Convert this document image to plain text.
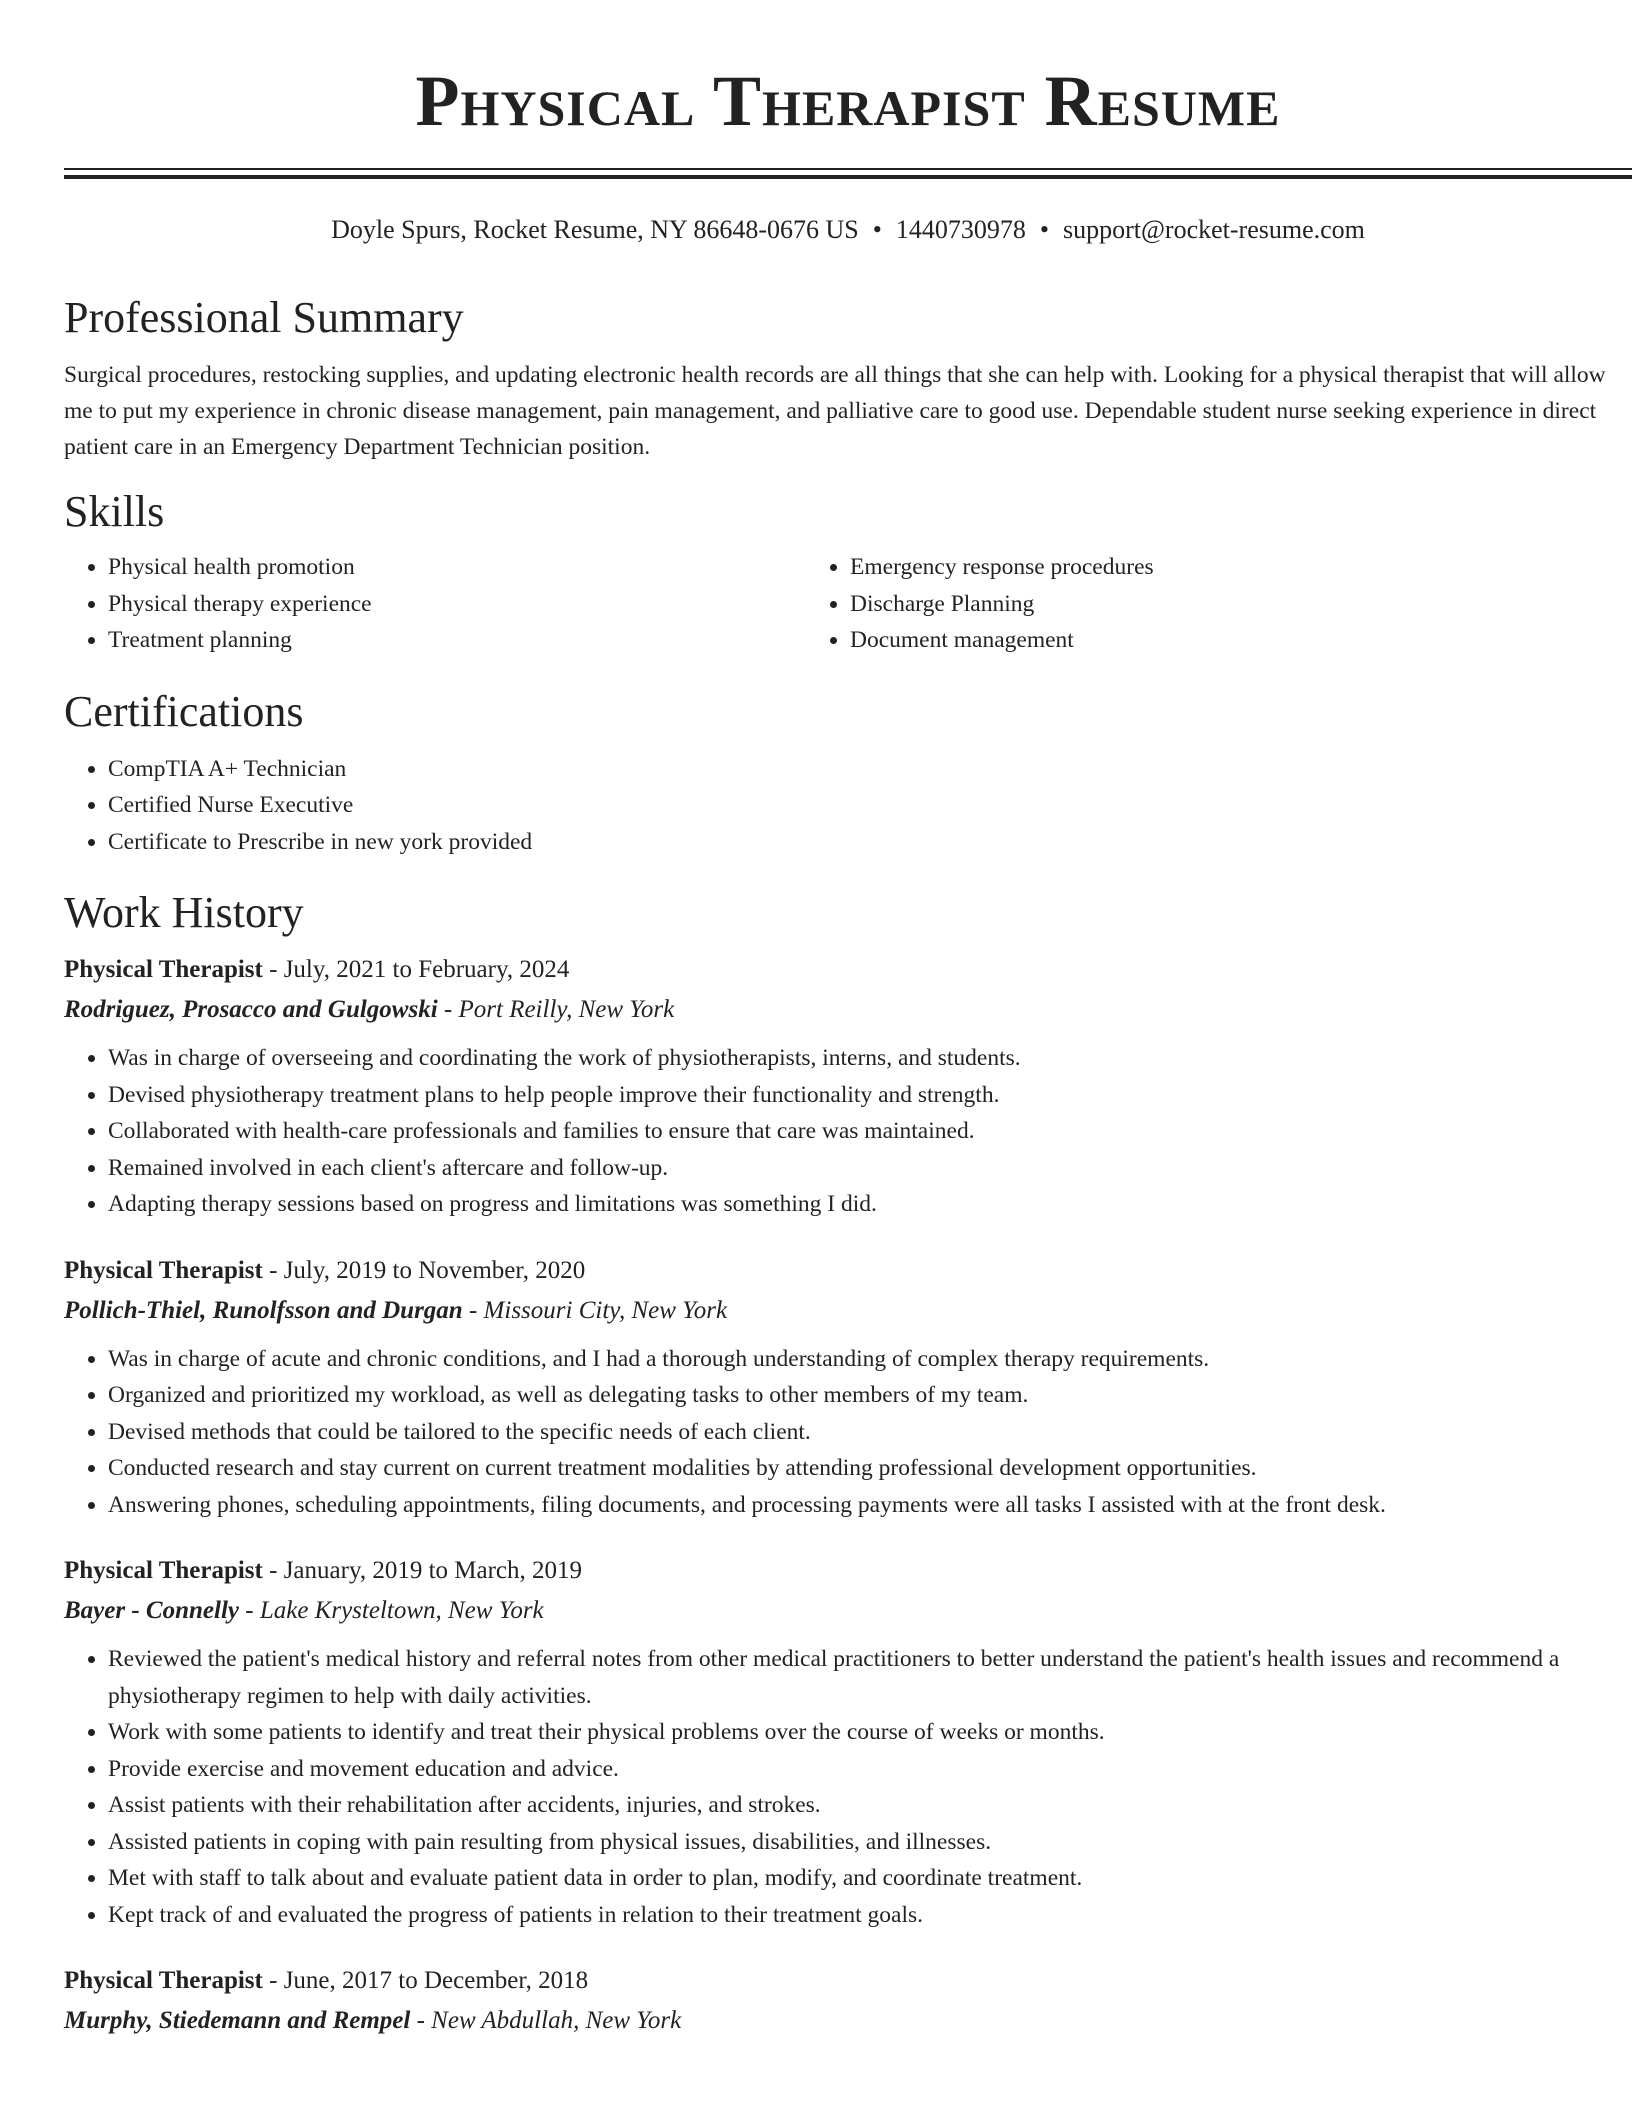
Physical Therapist Resume
Doyle Spurs, Rocket Resume, NY 86648-0676 US • 1440730978 • support@rocket-resume.com
Professional Summary

Surgical procedures, restocking supplies, and updating electronic health records are all things that she can help with. Looking for a physical therapist that will allow me to put my experience in chronic disease management, pain management, and palliative care to good use. Dependable student nurse seeking experience in direct patient care in an Emergency Department Technician position.

Skills
• Physical health promotion
• Physical therapy experience
• Treatment planning
• Emergency response procedures
• Discharge Planning
• Document management
Certifications
• CompTIA A+ Technician
• Certified Nurse Executive
• Certificate to Prescribe in new york provided
Work History
Physical Therapist - July, 2021 to February, 2024
Rodriguez, Prosacco and Gulgowski - Port Reilly, New York
• Was in charge of overseeing and coordinating the work of physiotherapists, interns, and students.
• Devised physiotherapy treatment plans to help people improve their functionality and strength.
• Collaborated with health-care professionals and families to ensure that care was maintained.
• Remained involved in each client's aftercare and follow-up.
• Adapting therapy sessions based on progress and limitations was something I did.
Physical Therapist - July, 2019 to November, 2020
Pollich-Thiel, Runolfsson and Durgan - Missouri City, New York
• Was in charge of acute and chronic conditions, and I had a thorough understanding of complex therapy requirements.
• Organized and prioritized my workload, as well as delegating tasks to other members of my team.
• Devised methods that could be tailored to the specific needs of each client.
• Conducted research and stay current on current treatment modalities by attending professional development opportunities.
• Answering phones, scheduling appointments, filing documents, and processing payments were all tasks I assisted with at the front desk.
Physical Therapist - January, 2019 to March, 2019
Bayer - Connelly - Lake Krysteltown, New York
• Reviewed the patient's medical history and referral notes from other medical practitioners to better understand the patient's health issues and recommend a physiotherapy regimen to help with daily activities.
• Work with some patients to identify and treat their physical problems over the course of weeks or months.
• Provide exercise and movement education and advice.
• Assist patients with their rehabilitation after accidents, injuries, and strokes.
• Assisted patients in coping with pain resulting from physical issues, disabilities, and illnesses.
• Met with staff to talk about and evaluate patient data in order to plan, modify, and coordinate treatment.
• Kept track of and evaluated the progress of patients in relation to their treatment goals.
Physical Therapist - June, 2017 to December, 2018
Murphy, Stiedemann and Rempel - New Abdullah, New York
